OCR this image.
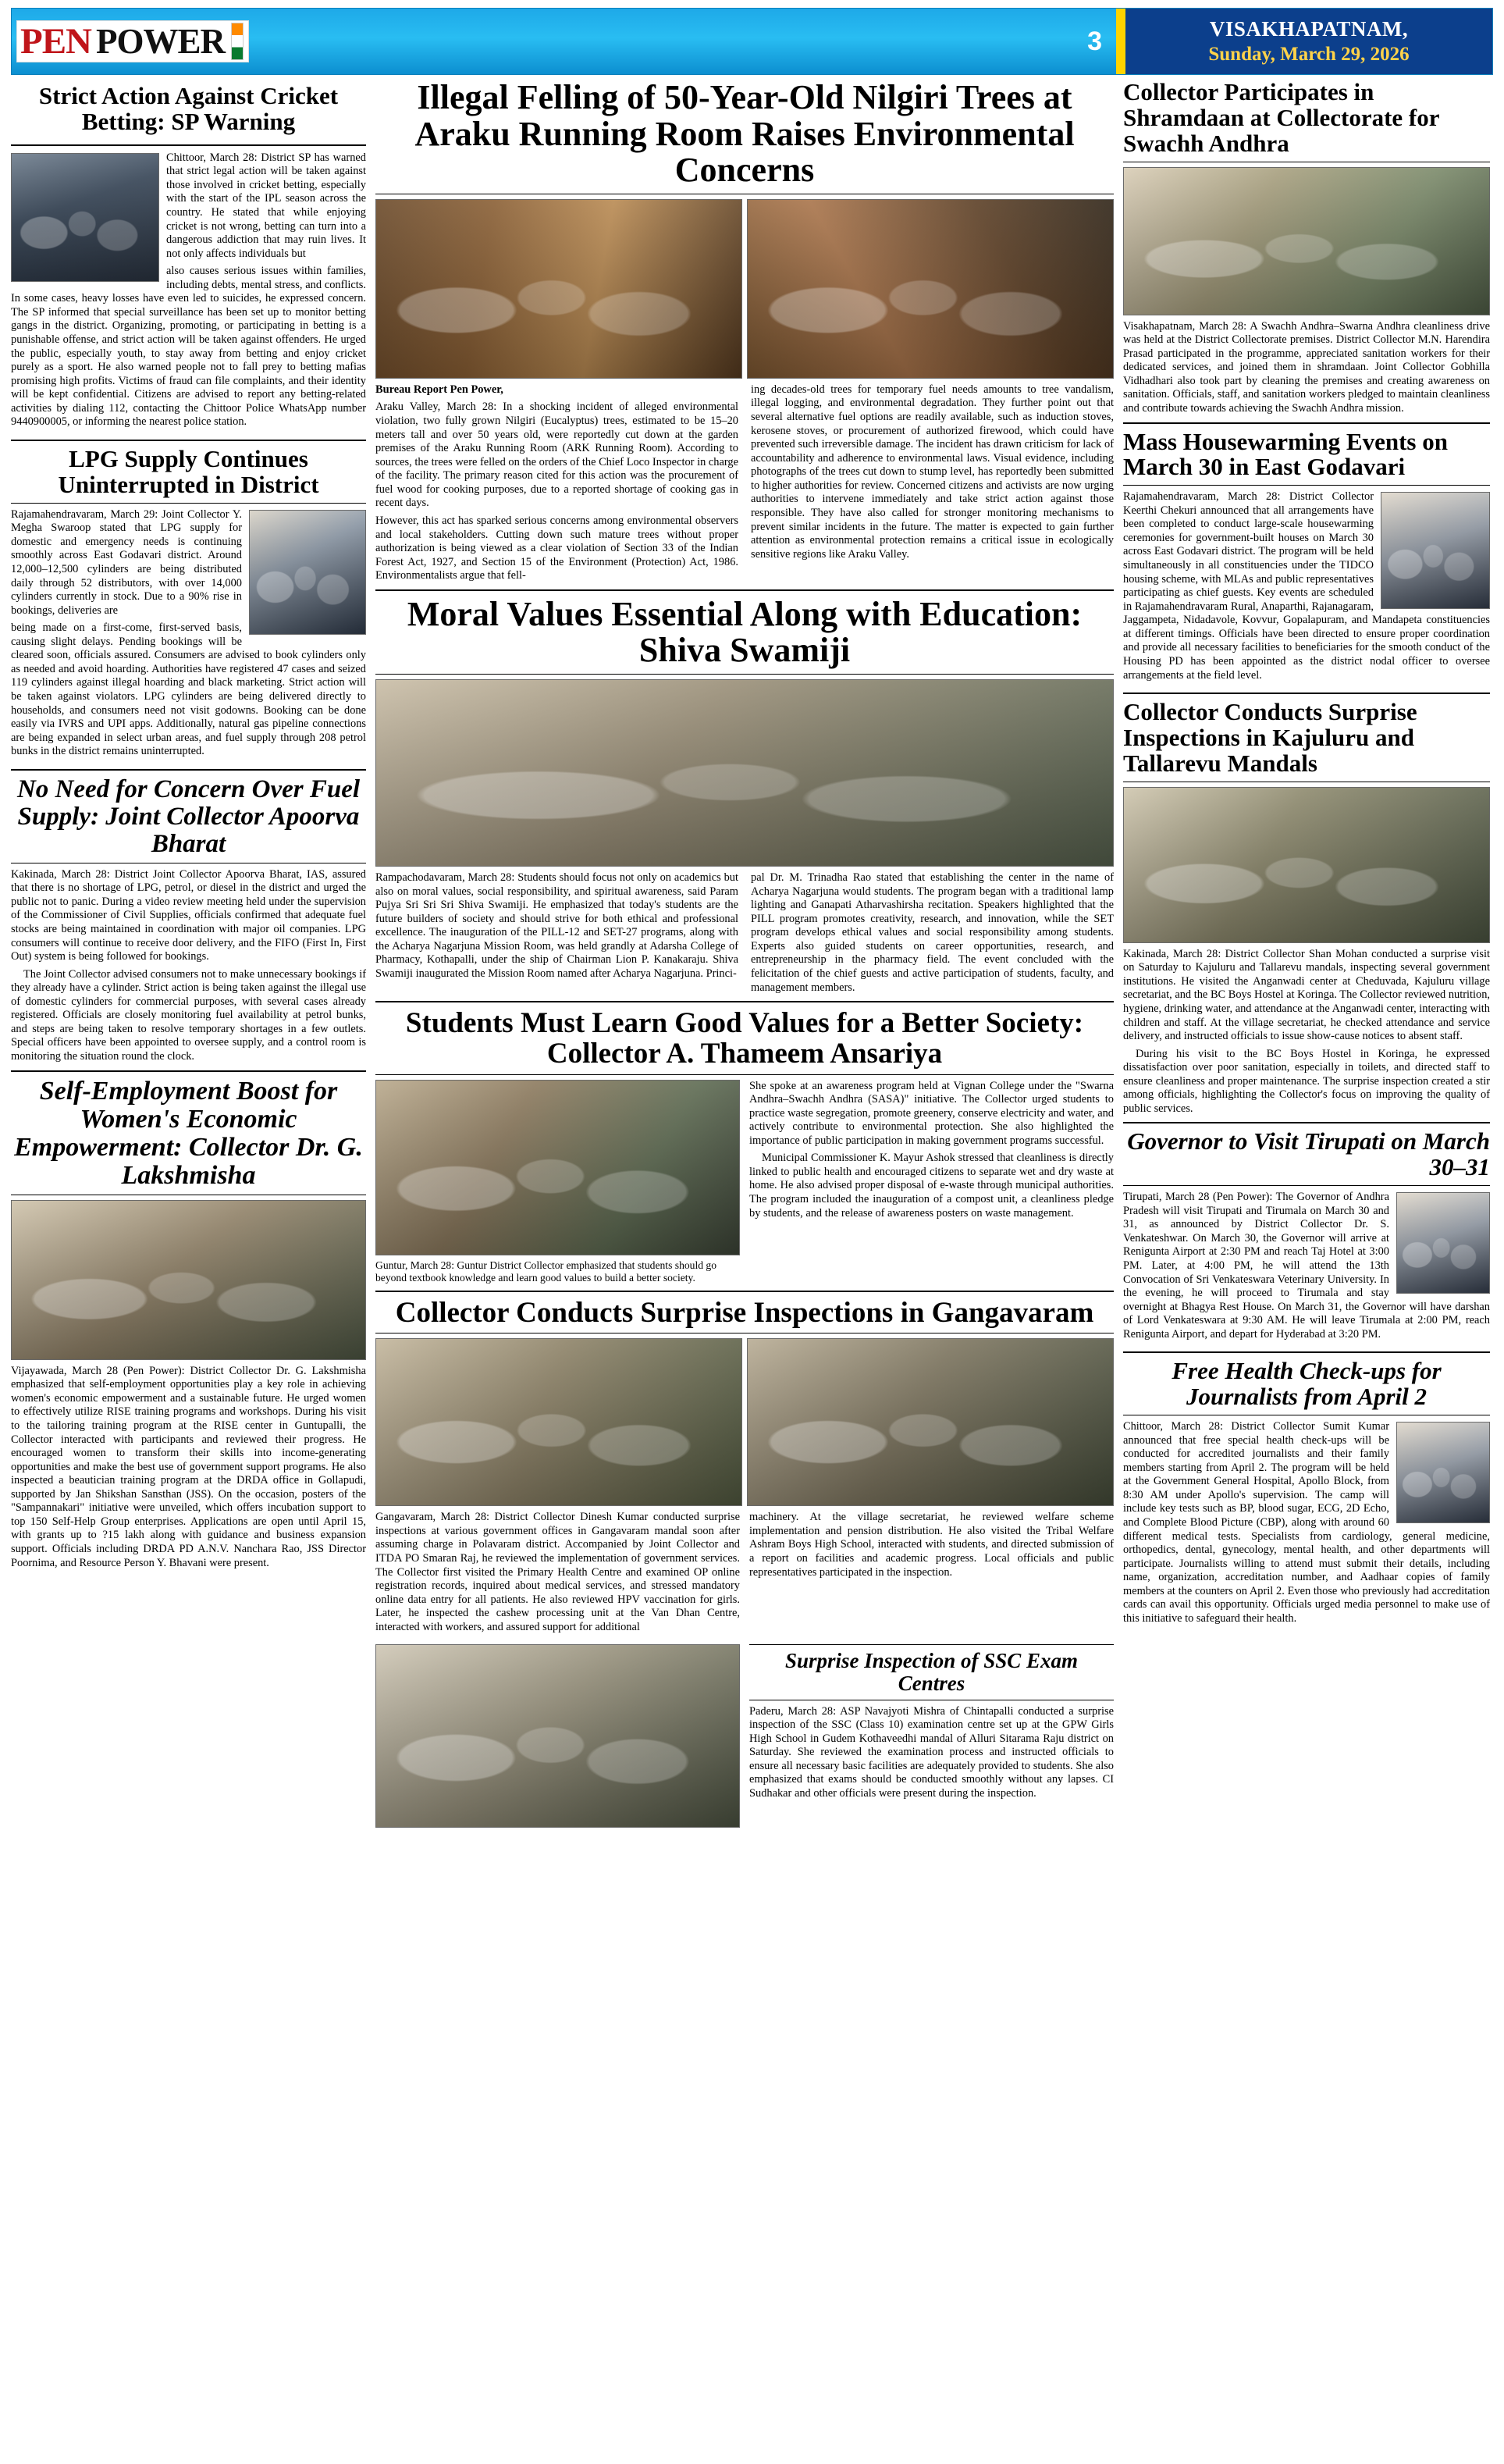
PEN POWER	3	VISAKHAPATNAM,
Sunday, March 29, 2026
Strict Action Against Cricket Betting: SP Warning

Chittoor, March 28: District SP has warned that strict legal action will be taken against those involved in cricket betting, especially with the start of the IPL season across the country. He stated that while enjoying cricket is not wrong, betting can turn into a dangerous addiction that may ruin lives. It not only affects individuals but

also causes serious issues within families, including debts, mental stress, and conflicts. In some cases, heavy losses have even led to suicides, he expressed concern. The SP informed that special surveillance has been set up to monitor betting gangs in the district. Organizing, promoting, or participating in betting is a punishable offense, and strict action will be taken against offenders. He urged the public, especially youth, to stay away from betting and enjoy cricket purely as a sport. He also warned people not to fall prey to betting mafias promising high profits. Victims of fraud can file complaints, and their identity will be kept confidential. Citizens are advised to report any betting-related activities by dialing 112, contacting the Chittoor Police WhatsApp number 9440900005, or informing the nearest police station.

LPG Supply Continues Uninterrupted in District

Rajamahendravaram, March 29: Joint Collector Y. Megha Swaroop stated that LPG supply for domestic and emergency needs is continuing smoothly across East Godavari district. Around 12,000–12,500 cylinders are being distributed daily through 52 distributors, with over 14,000 cylinders currently in stock. Due to a 90% rise in bookings, deliveries are

being made on a first-come, first-served basis, causing slight delays. Pending bookings will be cleared soon, officials assured. Consumers are advised to book cylinders only as needed and avoid hoarding. Authorities have registered 47 cases and seized 119 cylinders against illegal hoarding and black marketing. Strict action will be taken against violators. LPG cylinders are being delivered directly to households, and consumers need not visit godowns. Booking can be done easily via IVRS and UPI apps. Additionally, natural gas pipeline connections are being expanded in select urban areas, and fuel supply through 208 petrol bunks in the district remains uninterrupted.

No Need for Concern Over Fuel Supply: Joint Collector Apoorva Bharat

Kakinada, March 28: District Joint Collector Apoorva Bharat, IAS, assured that there is no shortage of LPG, petrol, or diesel in the district and urged the public not to panic. During a video review meeting held under the supervision of the Commissioner of Civil Supplies, officials confirmed that adequate fuel stocks are being maintained in coordination with major oil companies. LPG consumers will continue to receive door delivery, and the FIFO (First In, First Out) system is being followed for bookings.

The Joint Collector advised consumers not to make unnecessary bookings if they already have a cylinder. Strict action is being taken against the illegal use of domestic cylinders for commercial purposes, with several cases already registered. Officials are closely monitoring fuel availability at petrol bunks, and steps are being taken to resolve temporary shortages in a few outlets. Special officers have been appointed to oversee supply, and a control room is monitoring the situation round the clock.

Self-Employment Boost for Women's Economic Empowerment: Collector Dr. G. Lakshmisha

Vijayawada, March 28 (Pen Power): District Collector Dr. G. Lakshmisha emphasized that self-employment opportunities play a key role in achieving women's economic empowerment and a sustainable future. He urged women to effectively utilize RISE training programs and workshops. During his visit to the tailoring training program at the RISE center in Guntupalli, the Collector interacted with participants and reviewed their progress. He encouraged women to transform their skills into income-generating opportunities and make the best use of government support programs. He also inspected a beautician training program at the DRDA office in Gollapudi, supported by Jan Shikshan Sansthan (JSS). On the occasion, posters of the "Sampannakari" initiative were unveiled, which offers incubation support to top 150 Self-Help Group enterprises. Applications are open until April 15, with grants up to ?15 lakh along with guidance and business expansion support. Officials including DRDA PD A.N.V. Nanchara Rao, JSS Director Poornima, and Resource Person Y. Bhavani were present.

Illegal Felling of 50-Year-Old Nilgiri Trees at Araku Running Room Raises Environmental Concerns

Bureau Report Pen Power,

Araku Valley, March 28: In a shocking incident of alleged environmental violation, two fully grown Nilgiri (Eucalyptus) trees, estimated to be 15–20 meters tall and over 50 years old, were reportedly cut down at the garden premises of the Araku Running Room (ARK Running Room). According to sources, the trees were felled on the orders of the Chief Loco Inspector in charge of the facility. The primary reason cited for this action was the procurement of fuel wood for cooking purposes, due to a reported shortage of cooking gas in recent days.

However, this act has sparked serious concerns among environmental observers and local stakeholders. Cutting down such mature trees without proper authorization is being viewed as a clear violation of Section 33 of the Indian Forest Act, 1927, and Section 15 of the Environment (Protection) Act, 1986. Environmentalists argue that fell-

ing decades-old trees for temporary fuel needs amounts to tree vandalism, illegal logging, and environmental degradation. They further point out that several alternative fuel options are readily available, such as induction stoves, kerosene stoves, or procurement of authorized firewood, which could have prevented such irreversible damage. The incident has drawn criticism for lack of accountability and adherence to environmental laws. Visual evidence, including photographs of the trees cut down to stump level, has reportedly been submitted to higher authorities for review. Concerned citizens and activists are now urging authorities to intervene immediately and take strict action against those responsible. They have also called for stronger monitoring mechanisms to prevent similar incidents in the future. The matter is expected to gain further attention as environmental protection remains a critical issue in ecologically sensitive regions like Araku Valley.

Moral Values Essential Along with Education: Shiva Swamiji

Rampachodavaram, March 28: Students should focus not only on academics but also on moral values, social responsibility, and spiritual awareness, said Param Pujya Sri Sri Sri Shiva Swamiji. He emphasized that today's students are the future builders of society and should strive for both ethical and professional excellence. The inauguration of the PILL-12 and SET-27 programs, along with the Acharya Nagarjuna Mission Room, was held grandly at Adarsha College of Pharmacy, Kothapalli, under the ship of Chairman Lion P. Kanakaraju. Shiva Swamiji inaugurated the Mission Room named after Acharya Nagarjuna. Princi-

pal Dr. M. Trinadha Rao stated that establishing the center in the name of Acharya Nagarjuna would students. The program began with a traditional lamp lighting and Ganapati Atharvashirsha recitation. Speakers highlighted that the PILL program promotes creativity, research, and innovation, while the SET program develops ethical values and social responsibility among students. Experts also guided students on career opportunities, research, and entrepreneurship in the pharmacy field. The event concluded with the felicitation of the chief guests and active participation of students, faculty, and management members.

Students Must Learn Good Values for a Better Society: Collector A. Thameem Ansariya
Guntur, March 28: Guntur District Collector emphasized that students should go beyond textbook knowledge and learn good values to build a better society.

She spoke at an awareness program held at Vignan College under the "Swarna Andhra–Swachh Andhra (SASA)" initiative. The Collector urged students to practice waste segregation, promote greenery, conserve electricity and water, and actively contribute to environmental protection. She also highlighted the importance of public participation in making government programs successful.

Municipal Commissioner K. Mayur Ashok stressed that cleanliness is directly linked to public health and encouraged citizens to separate wet and dry waste at home. He also advised proper disposal of e-waste through municipal authorities. The program included the inauguration of a compost unit, a cleanliness pledge by students, and the release of awareness posters on waste management.

Collector Conducts Surprise Inspections in Gangavaram

Gangavaram, March 28: District Collector Dinesh Kumar conducted surprise inspections at various government offices in Gangavaram mandal soon after assuming charge in Polavaram district. Accompanied by Joint Collector and ITDA PO Smaran Raj, he reviewed the implementation of government services. The Collector first visited the Primary Health Centre and examined OP online registration records, inquired about medical services, and stressed mandatory online data entry for all patients. He also reviewed HPV vaccination for girls. Later, he inspected the cashew processing unit at the Van Dhan Centre, interacted with workers, and assured support for additional

machinery. At the village secretariat, he reviewed welfare scheme implementation and pension distribution. He also visited the Tribal Welfare Ashram Boys High School, interacted with students, and directed submission of a report on facilities and academic progress. Local officials and public representatives participated in the inspection.

Surprise Inspection of SSC Exam Centres

Paderu, March 28: ASP Navajyoti Mishra of Chintapalli conducted a surprise inspection of the SSC (Class 10) examination centre set up at the GPW Girls High School in Gudem Kothaveedhi mandal of Alluri Sitarama Raju district on Saturday. She reviewed the examination process and instructed officials to ensure all necessary basic facilities are adequately provided to students. She also emphasized that exams should be conducted smoothly without any lapses. CI Sudhakar and other officials were present during the inspection.

Collector Participates in Shramdaan at Collectorate for Swachh Andhra

Visakhapatnam, March 28: A Swachh Andhra–Swarna Andhra cleanliness drive was held at the District Collectorate premises. District Collector M.N. Harendira Prasad participated in the programme, appreciated sanitation workers for their dedicated services, and joined them in shramdaan. Joint Collector Gobhilla Vidhadhari also took part by cleaning the premises and creating awareness on sanitation. Officials, staff, and sanitation workers pledged to maintain cleanliness and contribute towards achieving the Swachh Andhra mission.

Mass Housewarming Events on March 30 in East Godavari

Rajamahendravaram, March 28: District Collector Keerthi Chekuri announced that all arrangements have been completed to conduct large-scale housewarming ceremonies for government-built houses on March 30 across East Godavari district. The program will be held simultaneously in all constituencies under the TIDCO housing scheme, with MLAs and public representatives participating as chief guests. Key events are scheduled in Rajamahendravaram Rural, Anaparthi, Rajanagaram, Jaggampeta, Nidadavole, Kovvur, Gopalapuram, and Mandapeta constituencies at different timings. Officials have been directed to ensure proper coordination and provide all necessary facilities to beneficiaries for the smooth conduct of the Housing PD has been appointed as the district nodal officer to oversee arrangements at the field level.

Collector Conducts Surprise Inspections in Kajuluru and Tallarevu Mandals

Kakinada, March 28: District Collector Shan Mohan conducted a surprise visit on Saturday to Kajuluru and Tallarevu mandals, inspecting several government institutions. He visited the Anganwadi center at Cheduvada, Kajuluru village secretariat, and the BC Boys Hostel at Koringa. The Collector reviewed nutrition, hygiene, drinking water, and attendance at the Anganwadi center, interacting with children and staff. At the village secretariat, he checked attendance and service delivery, and instructed officials to issue show-cause notices to absent staff.

During his visit to the BC Boys Hostel in Koringa, he expressed dissatisfaction over poor sanitation, especially in toilets, and directed staff to ensure cleanliness and proper maintenance. The surprise inspection created a stir among officials, highlighting the Collector's focus on improving the quality of public services.

Governor to Visit Tirupati on March 30–31

Tirupati, March 28 (Pen Power): The Governor of Andhra Pradesh will visit Tirupati and Tirumala on March 30 and 31, as announced by District Collector Dr. S. Venkateshwar. On March 30, the Governor will arrive at Renigunta Airport at 2:30 PM and reach Taj Hotel at 3:00 PM. Later, at 4:00 PM, he will attend the 13th Convocation of Sri Venkateswara Veterinary University. In the evening, he will proceed to Tirumala and stay overnight at Bhagya Rest House. On March 31, the Governor will have darshan of Lord Venkateswara at 9:30 AM. He will leave Tirumala at 2:00 PM, reach Renigunta Airport, and depart for Hyderabad at 3:20 PM.

Free Health Check-ups for Journalists from April 2

Chittoor, March 28: District Collector Sumit Kumar announced that free special health check-ups will be conducted for accredited journalists and their family members starting from April 2. The program will be held at the Government General Hospital, Apollo Block, from 8:30 AM under Apollo's supervision. The camp will include key tests such as BP, blood sugar, ECG, 2D Echo, and Complete Blood Picture (CBP), along with around 60 different medical tests. Specialists from cardiology, general medicine, orthopedics, dental, gynecology, mental health, and other departments will participate. Journalists willing to attend must submit their details, including name, organization, accreditation number, and Aadhaar copies of family members at the counters on April 2. Even those who previously had accreditation cards can avail this opportunity. Officials urged media personnel to make use of this initiative to safeguard their health.
